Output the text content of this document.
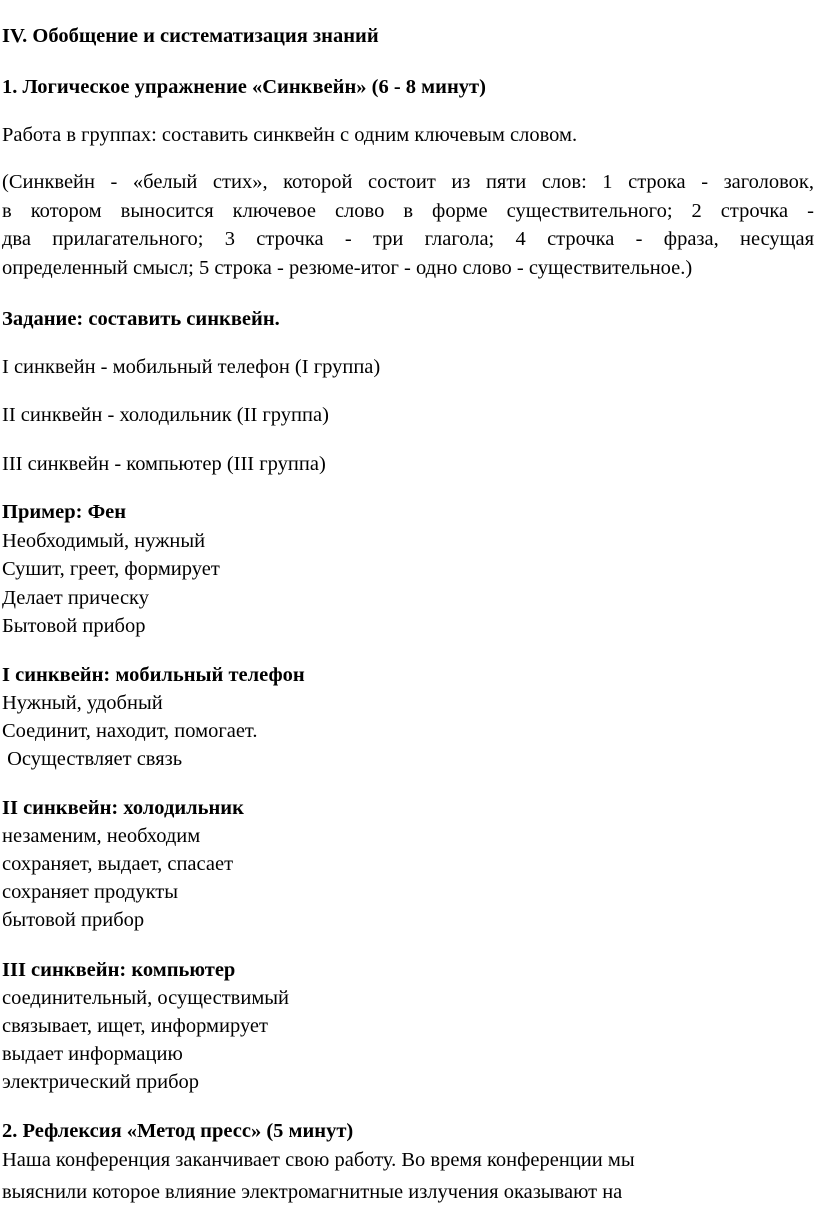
IV. Обобщение и систематизация знаний
1. Логическое упражнение «Синквейн» (6 - 8 минут)
Работа в группах: составить синквейн с одним ключевым словом.
(Синквейн - «белый стих», которой состоит из пяти слов: 1 строка - заголовок,
в котором выносится ключевое слово в форме существительного; 2 строчка -
два прилагательного; 3 строчка - три глагола; 4 строчка - фраза, несущая
определенный смысл; 5 строка - резюме-итог - одно слово - существительное.)
Задание: составить синквейн.
I синквейн - мобильный телефон (I группа)
II синквейн - холодильник (II группа)
III синквейн - компьютер (III группа)
Пример: Фен
Необходимый, нужный
Сушит, греет, формирует
Делает прическу
Бытовой прибор
I синквейн: мобильный телефон
Нужный, удобный
Соединит, находит, помогает.
Осуществляет связь
II синквейн: холодильник
незаменим, необходим
сохраняет, выдает, спасает
сохраняет продукты
бытовой прибор
III синквейн: компьютер
соединительный, осуществимый
связывает, ищет, информирует
выдает информацию
электрический прибор
2. Рефлексия «Метод пресс» (5 минут)
Наша конференция заканчивает свою работу. Во время конференции мы
выяснили которое влияние электромагнитные излучения оказывают на
